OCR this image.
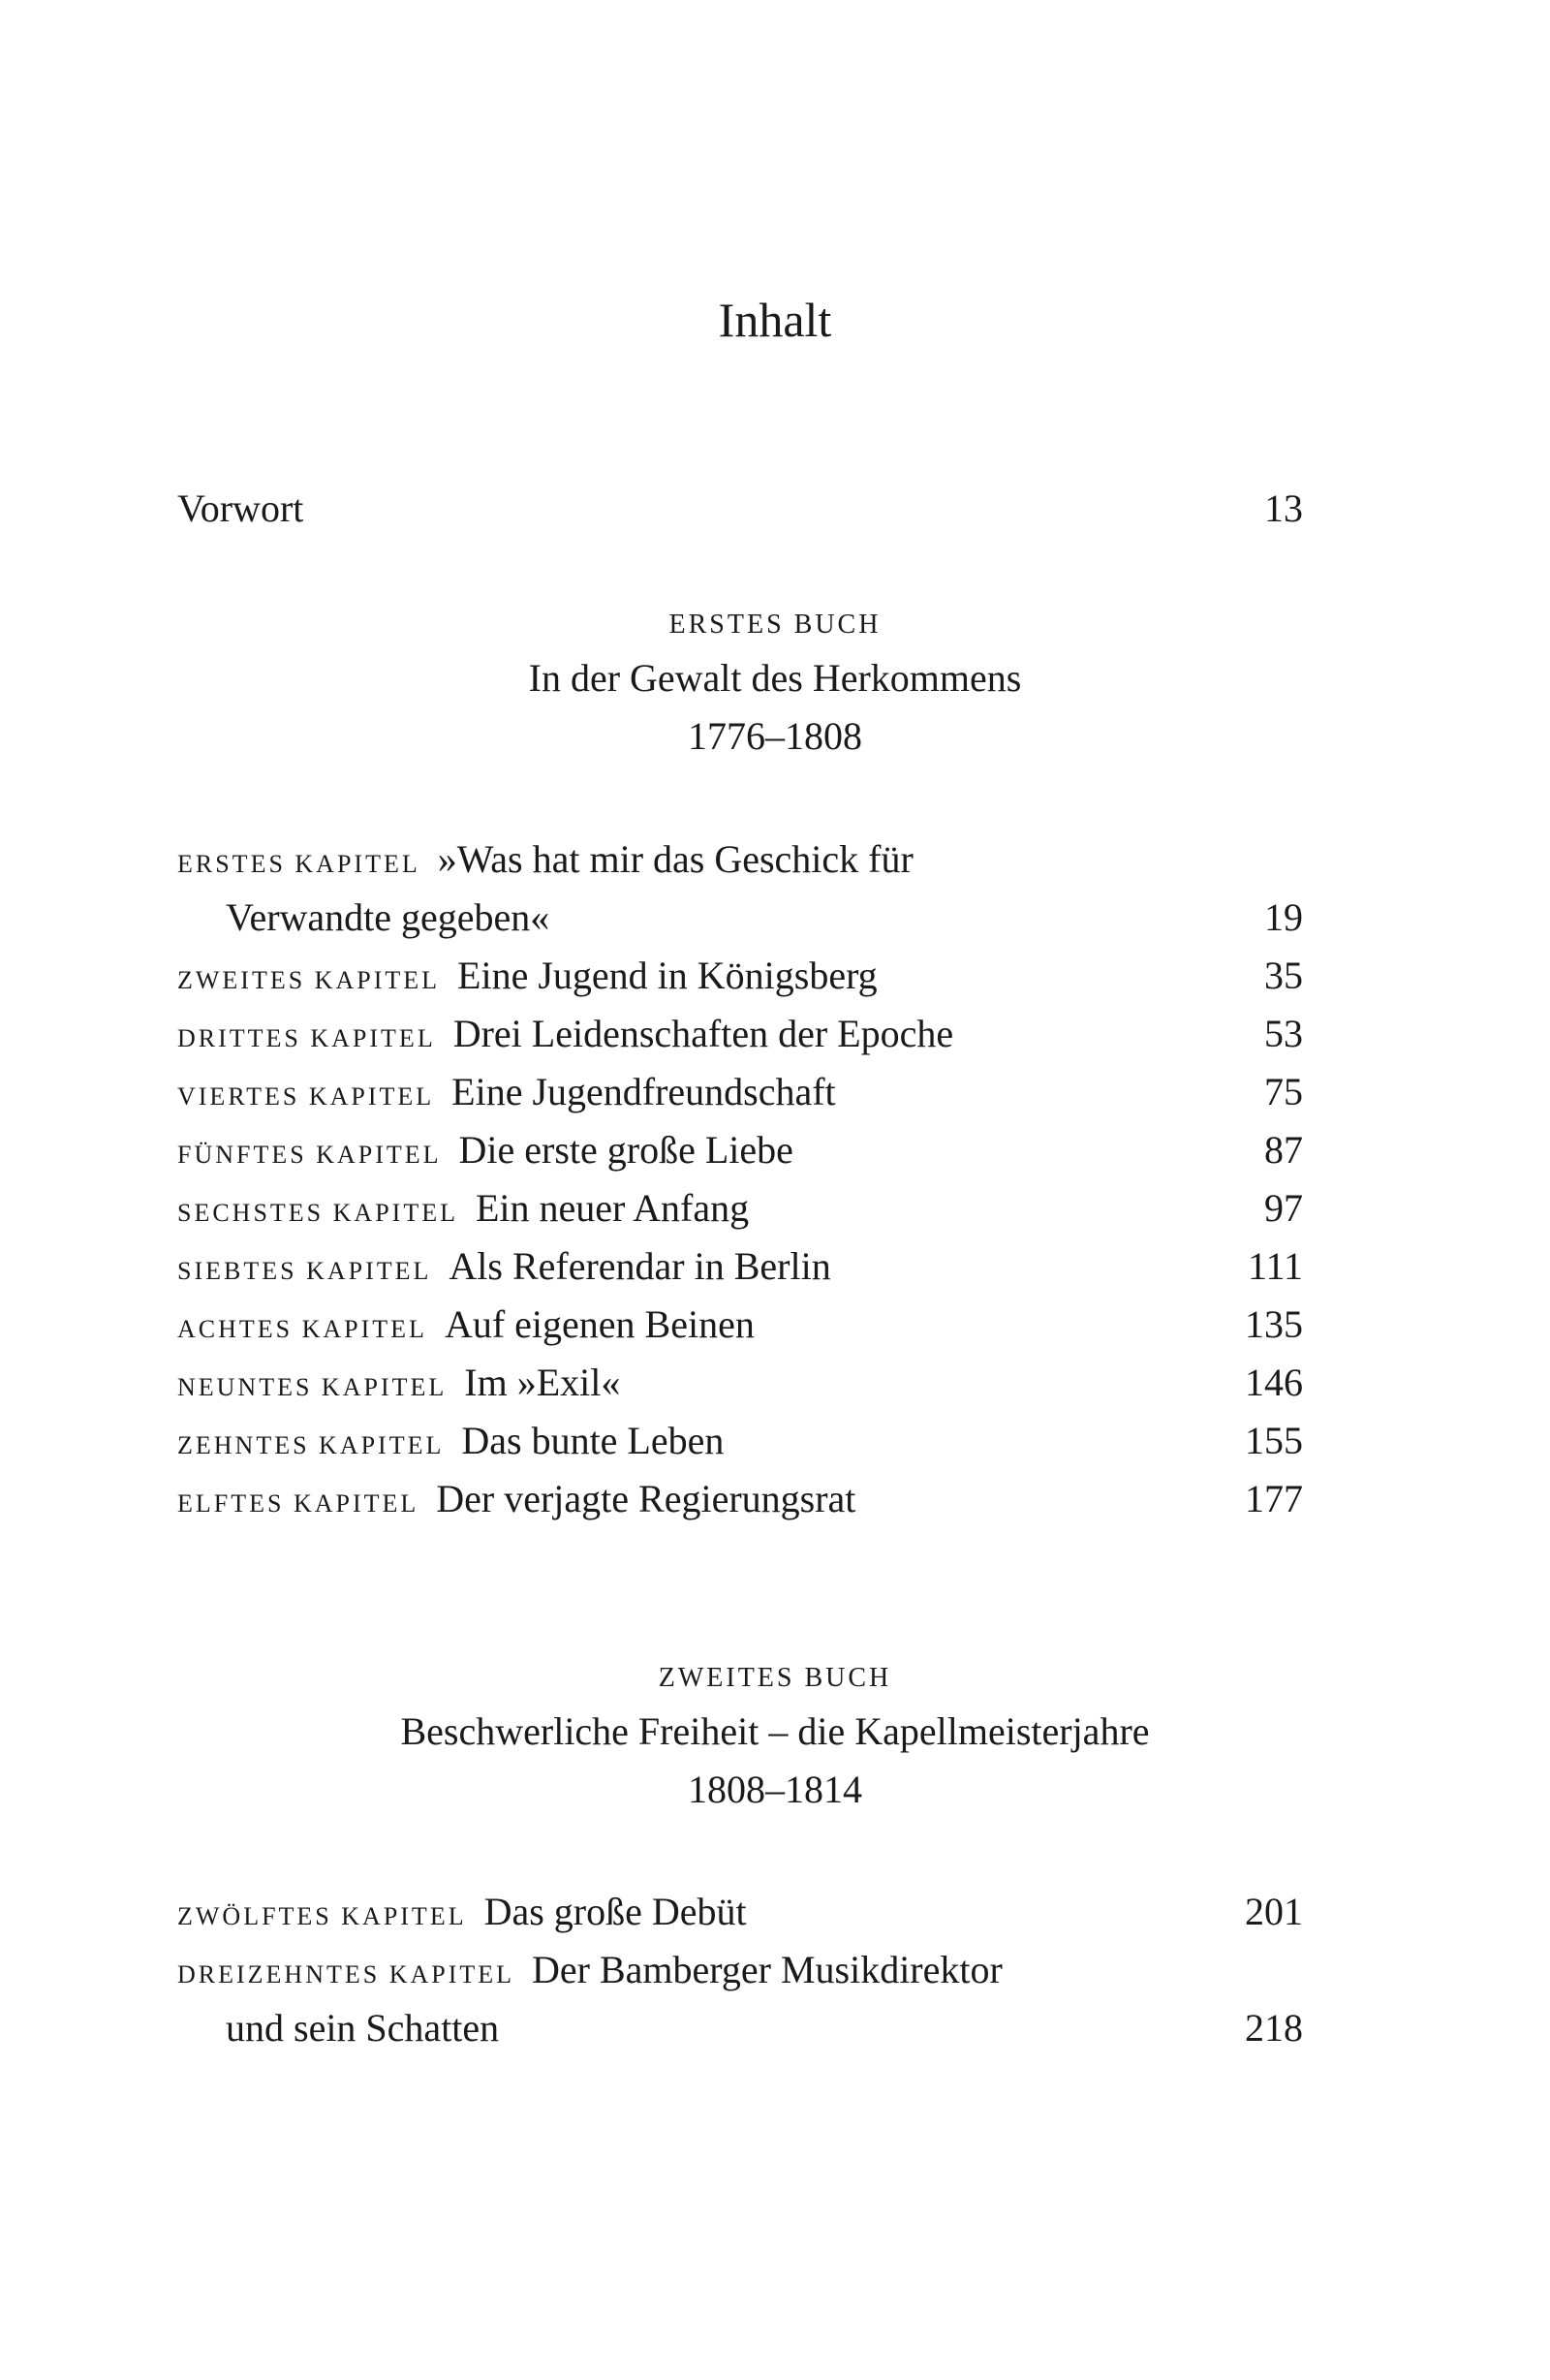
Inhalt
Vorwort	13
ERSTES BUCH
In der Gewalt des Herkommens
1776–1808
ERSTES KAPITEL »Was hat mir das Geschick für
Verwandte gegeben«	19
ZWEITES KAPITEL Eine Jugend in Königsberg	35
DRITTES KAPITEL Drei Leidenschaften der Epoche	53
VIERTES KAPITEL Eine Jugendfreundschaft	75
FÜNFTES KAPITEL Die erste große Liebe	87
SECHSTES KAPITEL Ein neuer Anfang	97
SIEBTES KAPITEL Als Referendar in Berlin	111
ACHTES KAPITEL Auf eigenen Beinen	135
NEUNTES KAPITEL Im »Exil«	146
ZEHNTES KAPITEL Das bunte Leben	155
ELFTES KAPITEL Der verjagte Regierungsrat	177
ZWEITES BUCH
Beschwerliche Freiheit – die Kapellmeisterjahre
1808–1814
ZWÖLFTES KAPITEL Das große Debüt	201
DREIZEHNTES KAPITEL Der Bamberger Musikdirektor
und sein Schatten	218
